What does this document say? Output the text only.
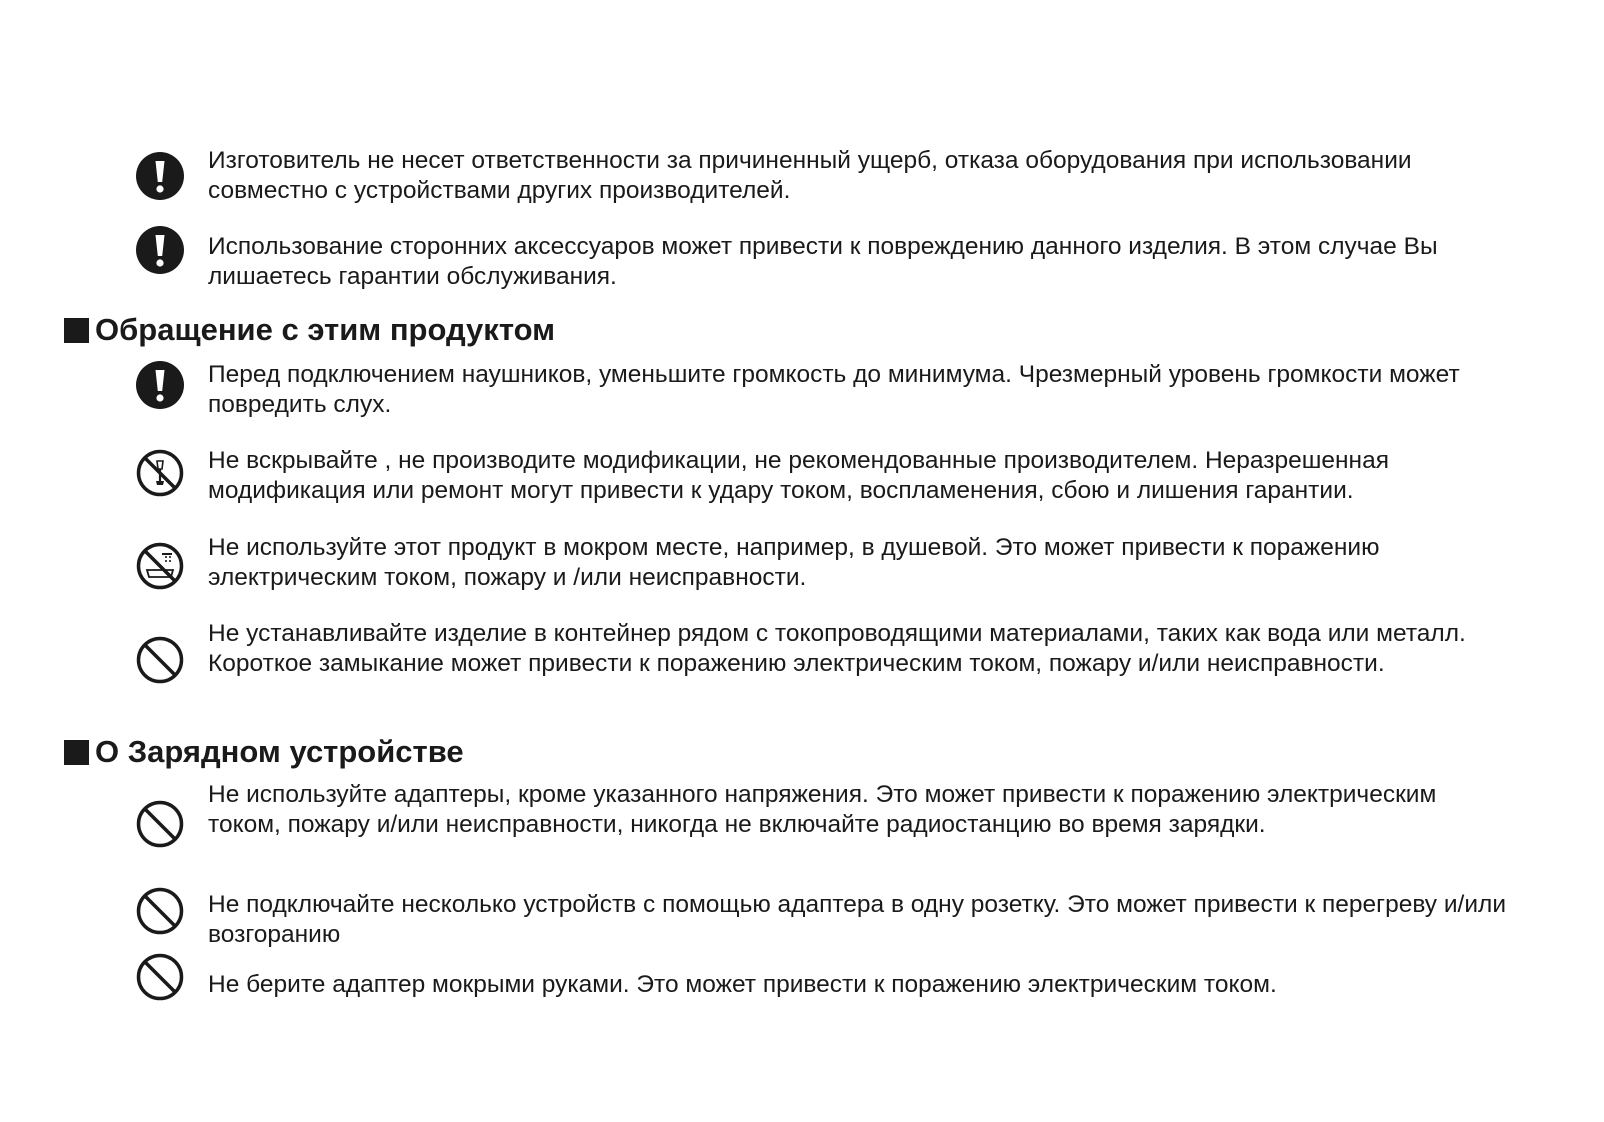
Изготовитель не несет ответственности за причиненный ущерб, отказа оборудования при использовании совместно с устройствами других производителей.
Использование сторонних аксессуаров может привести к повреждению данного изделия. В этом случае Вы лишаетесь гарантии обслуживания.
Обращение с этим продуктом
Перед подключением наушников, уменьшите громкость до минимума. Чрезмерный уровень громкости может повредить слух.
Не вскрывайте , не производите модификации, не рекомендованные производителем. Неразрешенная модификация или ремонт могут привести к удару током, воспламенения, сбою и лишения гарантии.
Не используйте этот продукт в мокром месте, например, в душевой. Это может привести к поражению электрическим током, пожару и /или неисправности.
Не устанавливайте изделие в контейнер рядом с токопроводящими материалами, таких как вода или металл. Короткое замыкание может привести к поражению электрическим током, пожару и/или неисправности.
О Зарядном устройстве
Не используйте адаптеры, кроме указанного напряжения. Это может привести к поражению электрическим током, пожару и/или неисправности, никогда не включайте радиостанцию во время зарядки.
Не подключайте несколько устройств с помощью адаптера в одну розетку. Это может привести к перегреву и/или возгоранию
Не берите адаптер мокрыми руками. Это может привести к поражению электрическим током.
